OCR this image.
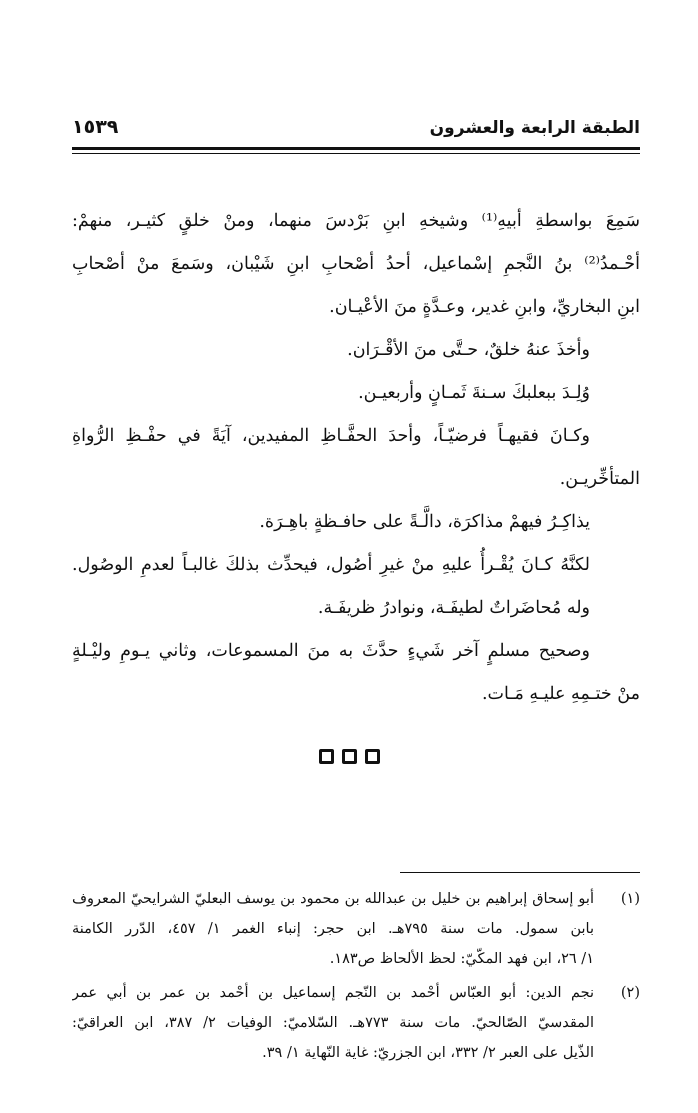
الطبقة الرابعة والعشرون
١٥٣٩
سَمِعَ بواسطةِ أبيهِ⁽¹⁾ وشيخهِ ابنِ بَرْدسَ منهما، ومنْ خلقٍ كثيـر، منهمْ:
أحْـمدُ⁽²⁾ بنُ النَّجمِ إسْماعيل، أحدُ أصْحابِ ابنِ شَيْبان، وسَمعَ منْ أصْحابِ
ابنِ البخاريِّ، وابنِ غدير، وعـدَّةٍ منَ الأعْيـان.
وأخذَ عنهُ خلقٌ، حـتَّى منَ الأقْـرَان.
وُلِـدَ ببعلبكَ سـنةَ ثَمـانٍ وأربعيـن.
وكـانَ فقيهـاً فرضيّـاً، وأحدَ الحفَّـاظِ المفيدين، آيَةً في حفْـظِ الرُّواةِ
المتأخِّريـن.
يذاكِـرُ فيهمْ مذاكرَة، دالَّـةً على حافـظةٍ باهِـرَة.
لكنَّهُ كـانَ يُقْـرأُ عليهِ منْ غيرِ أصُول، فيحدِّث بذلكَ غالبـاً لعدمِ الوصُول.
وله مُحاضَراتٌ لطيفَـة، ونوادرُ ظريفَـة.
وصحيح مسلمٍ آخر شَيءٍ حدَّثَ به منَ المسموعات، وثاني يـومِ وليْـلةٍ
منْ ختـمِهِ عليـهِ مَـات.
(١)
أبو إسحاق إبراهيم بن خليل بن عبدالله بن محمود بن يوسف البعليّ الشرايحيّ المعروف
بابن سمول. مات سنة ٧٩٥هـ. ابن حجر: إنباء الغمر ١/ ٤٥٧، الدّرر الكامنة
١/ ٢٦، ابن فهد المكّيّ: لحظ الألحاظ ص١٨٣.
(٢)
نجم الدين: أبو العبّاس أحْمد بن النّجم إسماعيل بن أحْمد بن عمر بن أبي عمر
المقدسيّ الصّالحيّ. مات سنة ٧٧٣هـ. السّلاميّ: الوفيات ٢/ ٣٨٧، ابن العراقيّ:
الذّيل على العبر ٢/ ٣٣٢، ابن الجزريّ: غاية النّهاية ١/ ٣٩.
